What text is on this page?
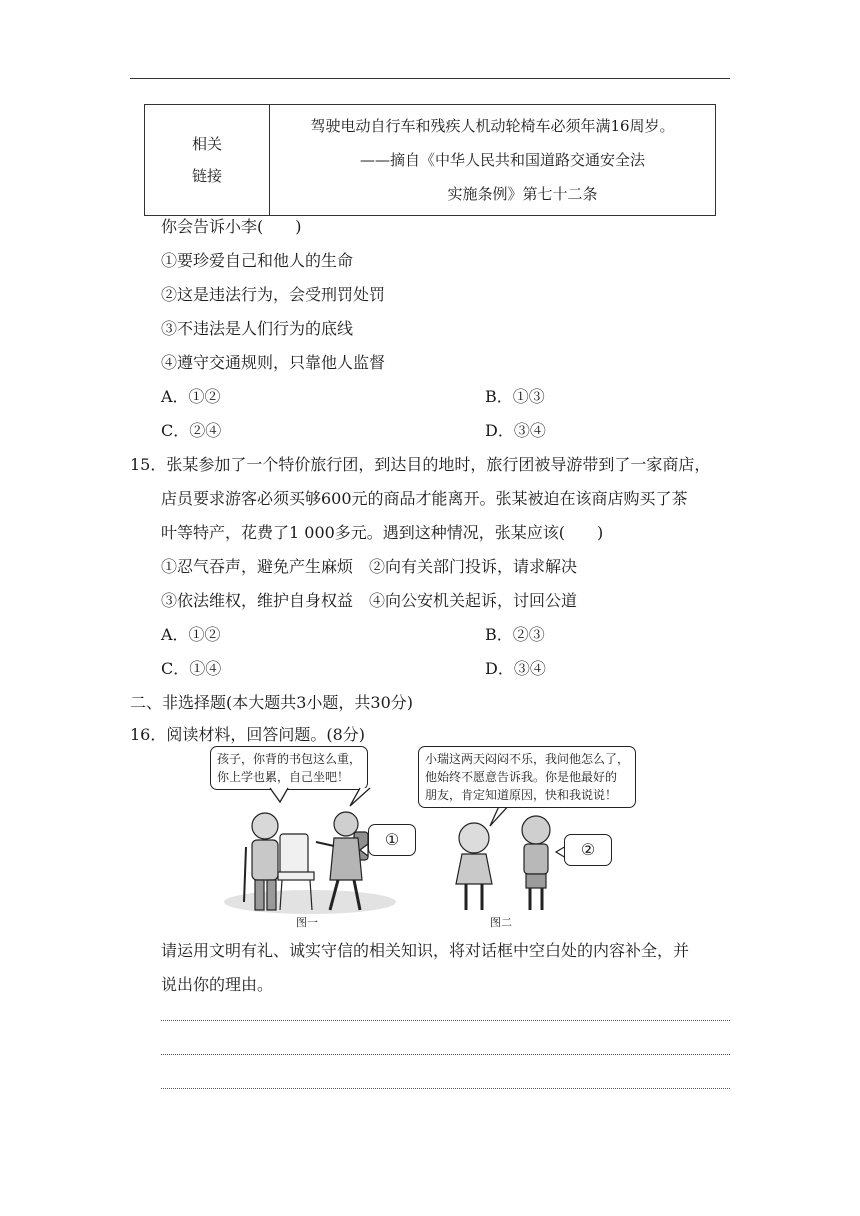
相关
链接

驾驶电动自行车和残疾人机动轮椅车必须年满16周岁。
——摘自《中华人民共和国道路交通安全法
实施条例》第七十二条
你会告诉小李(　　)
①要珍爱自己和他人的生命
②这是违法行为，会受刑罚处罚
③不违法是人们行为的底线
④遵守交通规则，只靠他人监督
A．①②	B．①③
C．②④	D．③④
15．张某参加了一个特价旅行团，到达目的地时，旅行团被导游带到了一家商店，
店员要求游客必须买够600元的商品才能离开。张某被迫在该商店购买了茶
叶等特产，花费了1 000多元。遇到这种情况，张某应该(　　)
①忍气吞声，避免产生麻烦　②向有关部门投诉，请求解决
③依法维权，维护自身权益　④向公安机关起诉，讨回公道
A．①②	B．②③
C．①④	D．③④
二、非选择题(本大题共3小题，共30分)
16．阅读材料，回答问题。(8分)
孩子，你背的书包这么重，
你上学也累，自己坐吧！
①
图一
小瑞这两天闷闷不乐，我问他怎么了，
他始终不愿意告诉我。你是他最好的
朋友，肯定知道原因，快和我说说！
②
图二
请运用文明有礼、诚实守信的相关知识，将对话框中空白处的内容补全，并
说出你的理由。
